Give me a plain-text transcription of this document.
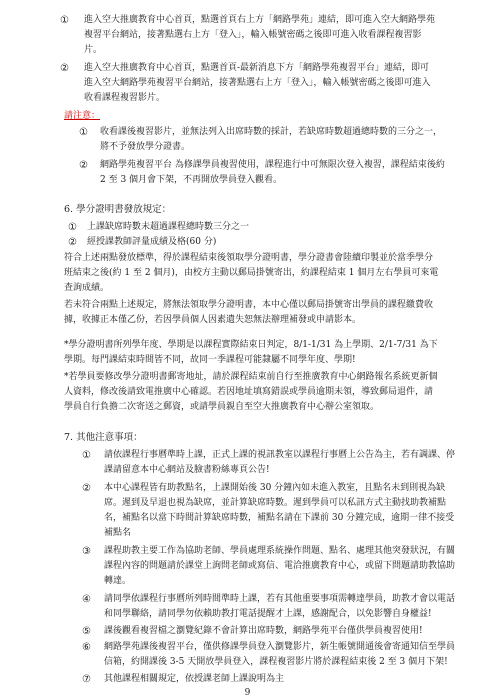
① 進入空大推廣教育中心首頁，點選首頁右上方「網路學苑」連結，即可進入空大網路學苑
複習平台網站，接著點選右上方「登入」，輸入帳號密碼之後即可進入收看課程複習影
片。
② 進入空大推廣教育中心首頁，點選首頁-最新消息下方「網路學苑複習平台」連結，即可
進入空大網路學苑複習平台網站，接著點選右上方「登入」，輸入帳號密碼之後即可進入
收看課程複習影片。
請注意：
① 收看課後複習影片，並無法列入出席時數的採計，若缺席時數超過總時數的三分之一，
將不予發放學分證書。
② 網路學苑複習平台 為修課學員複習使用，課程進行中可無限次登入複習，課程結束後約
2 至 3 個月會下架，不再開放學員登入觀看。
6. 學分證明書發放規定：
① 上課缺席時數未超過課程總時數三分之一
② 經授課教師評量成績及格(60 分)
符合上述兩點發放標準，得於課程結束後領取學分證明書，學分證書會陸續印製並於當季學分
班結束之後(約 1 至 2 個月)，由校方主動以郵局掛號寄出，約課程結束 1 個月左右學員可來電
查詢成績。
若未符合兩點上述規定，將無法領取學分證明書，本中心僅以郵局掛號寄出學員的課程繳費收
據，收據正本僅乙份，若因學員個人因素遺失恕無法辦理補發或申請影本。
*學分證明書所列學年度、學期是以課程實際結束日判定，8/1-1/31 為上學期、2/1-7/31 為下
學期。每門課結束時間皆不同，故同一季課程可能隸屬不同學年度、學期!
*若學員要修改學分證明書郵寄地址，請於課程結束前自行至推廣教育中心網路報名系統更新個
人資料，修改後請致電推廣中心確認。若因地址填寫錯誤或學員逾期未領，導致郵局退件，請
學員自行負擔二次寄送之郵資，或請學員親自至空大推廣教育中心辦公室領取。
7. 其他注意事項：
① 請依課程行事曆準時上課，正式上課的視訊教室以課程行事曆上公告為主，若有調課、停
課請留意本中心網站及臉書粉絲專頁公告!
② 本中心課程皆有助教點名，上課開始後 30 分鐘內如未進入教室，且點名未到則視為缺
席。遲到及早退也視為缺席，並計算缺席時數。遲到學員可以私訊方式主動找助教補點
名，補點名以當下時間計算缺席時數，補點名請在下課前 30 分鐘完成，逾期一律不接受
補點名
③ 課程助教主要工作為協助老師、學員處理系統操作問題、點名、處理其他突發狀況，有關
課程內容的問題請於課堂上詢問老師或寫信、電洽推廣教育中心，或留下問題請助教協助
轉達。
④ 請同學依課程行事曆所列時間準時上課，若有其他重要事項需轉達學員，助教才會以電話
和同學聯絡，請同學勿依賴助教打電話提醒才上課，感謝配合，以免影響自身權益!
⑤ 課後觀看複習檔之瀏覽紀錄不會計算出席時數，網路學苑平台僅供學員複習使用!
⑥ 網路學苑課後複習平台，僅供修課學員登入瀏覽影片，新生帳號開通後會寄通知信至學員
信箱，約開課後 3-5 天開放學員登入，課程複習影片將於課程結束後 2 至 3 個月下架!
⑦ 其他課程相關規定，依授課老師上課說明為主
9
